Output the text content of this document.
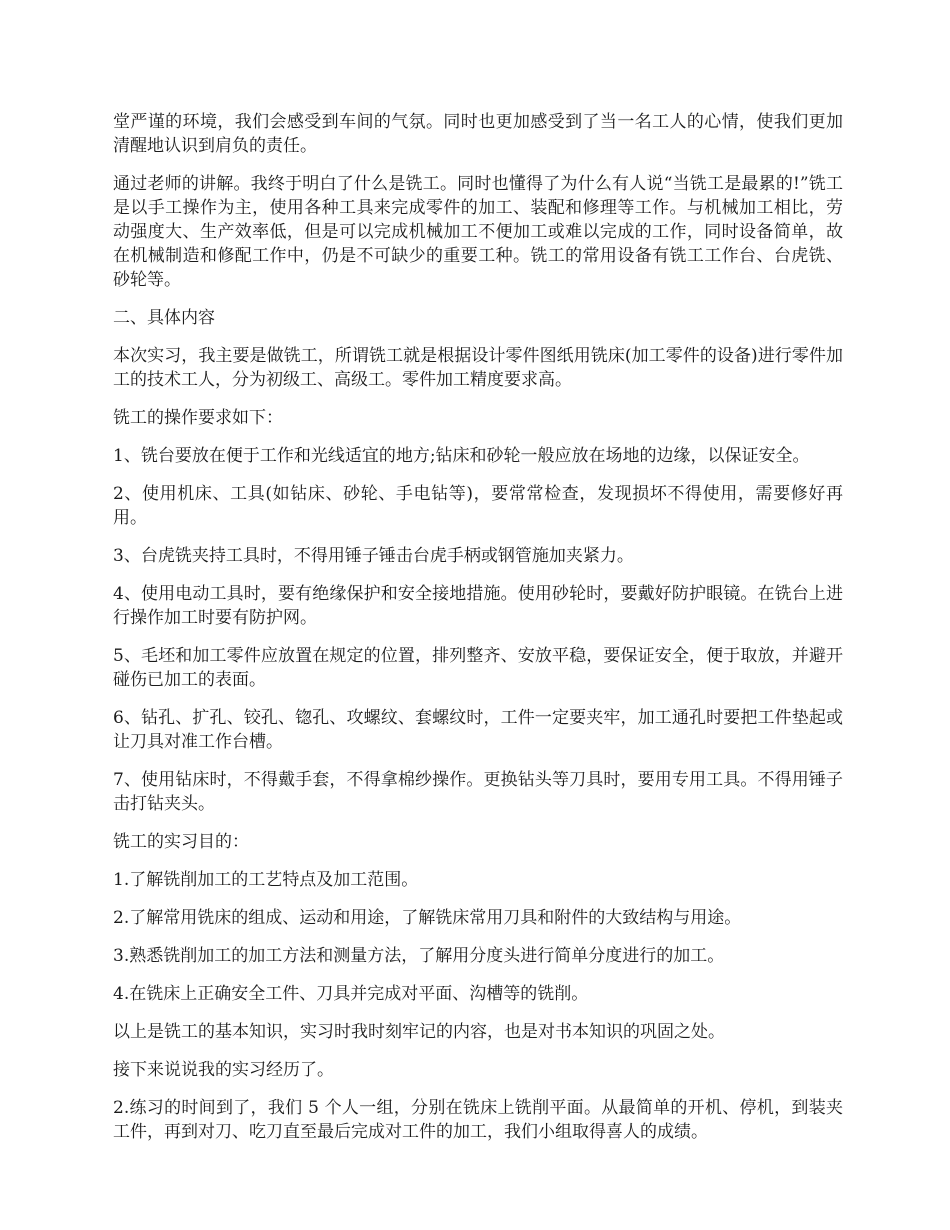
堂严谨的环境，我们会感受到车间的气氛。同时也更加感受到了当一名工人的心情，使我们更加清醒地认识到肩负的责任。

通过老师的讲解。我终于明白了什么是铣工。同时也懂得了为什么有人说“当铣工是最累的!”铣工是以手工操作为主，使用各种工具来完成零件的加工、装配和修理等工作。与机械加工相比，劳动强度大、生产效率低，但是可以完成机械加工不便加工或难以完成的工作，同时设备简单，故在机械制造和修配工作中，仍是不可缺少的重要工种。铣工的常用设备有铣工工作台、台虎铣、砂轮等。

二、具体内容

本次实习，我主要是做铣工，所谓铣工就是根据设计零件图纸用铣床(加工零件的设备)进行零件加工的技术工人，分为初级工、高级工。零件加工精度要求高。

铣工的操作要求如下：

1、铣台要放在便于工作和光线适宜的地方;钻床和砂轮一般应放在场地的边缘，以保证安全。

2、使用机床、工具(如钻床、砂轮、手电钻等)，要常常检查，发现损坏不得使用，需要修好再用。

3、台虎铣夹持工具时，不得用锤子锤击台虎手柄或钢管施加夹紧力。

4、使用电动工具时，要有绝缘保护和安全接地措施。使用砂轮时，要戴好防护眼镜。在铣台上进行操作加工时要有防护网。

5、毛坯和加工零件应放置在规定的位置，排列整齐、安放平稳，要保证安全，便于取放，并避开碰伤已加工的表面。

6、钻孔、扩孔、铰孔、锪孔、攻螺纹、套螺纹时，工件一定要夹牢，加工通孔时要把工件垫起或让刀具对准工作台槽。

7、使用钻床时，不得戴手套，不得拿棉纱操作。更换钻头等刀具时，要用专用工具。不得用锤子击打钻夹头。

铣工的实习目的：

1.了解铣削加工的工艺特点及加工范围。

2.了解常用铣床的组成、运动和用途，了解铣床常用刀具和附件的大致结构与用途。

3.熟悉铣削加工的加工方法和测量方法，了解用分度头进行简单分度进行的加工。

4.在铣床上正确安全工件、刀具并完成对平面、沟槽等的铣削。

以上是铣工的基本知识，实习时我时刻牢记的内容，也是对书本知识的巩固之处。

接下来说说我的实习经历了。

2.练习的时间到了，我们 5 个人一组，分别在铣床上铣削平面。从最简单的开机、停机，到装夹工件，再到对刀、吃刀直至最后完成对工件的加工，我们小组取得喜人的成绩。
